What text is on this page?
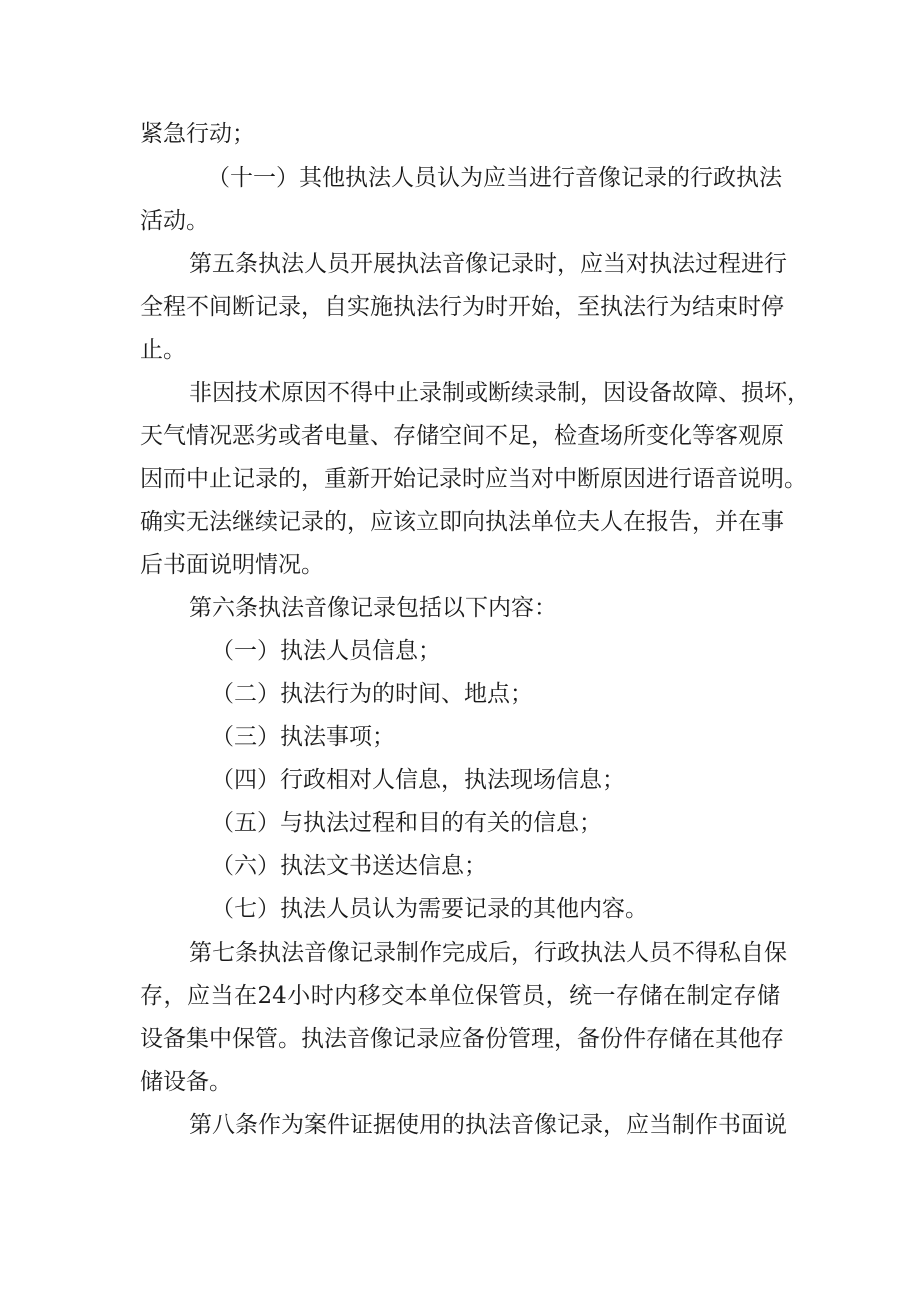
紧急行动；
（十一）其他执法人员认为应当进行音像记录的行政执法
活动。
第五条执法人员开展执法音像记录时，应当对执法过程进行
全程不间断记录，自实施执法行为时开始，至执法行为结束时停
止。
非因技术原因不得中止录制或断续录制，因设备故障、损坏，
天气情况恶劣或者电量、存储空间不足，检查场所变化等客观原
因而中止记录的，重新开始记录时应当对中断原因进行语音说明。
确实无法继续记录的，应该立即向执法单位夫人在报告，并在事
后书面说明情况。
第六条执法音像记录包括以下内容：
（一）执法人员信息；
（二）执法行为的时间、地点；
（三）执法事项；
（四）行政相对人信息，执法现场信息；
（五）与执法过程和目的有关的信息；
（六）执法文书送达信息；
（七）执法人员认为需要记录的其他内容。
第七条执法音像记录制作完成后，行政执法人员不得私自保
存，应当在24小时内移交本单位保管员，统一存储在制定存储
设备集中保管。执法音像记录应备份管理，备份件存储在其他存
储设备。
第八条作为案件证据使用的执法音像记录，应当制作书面说
